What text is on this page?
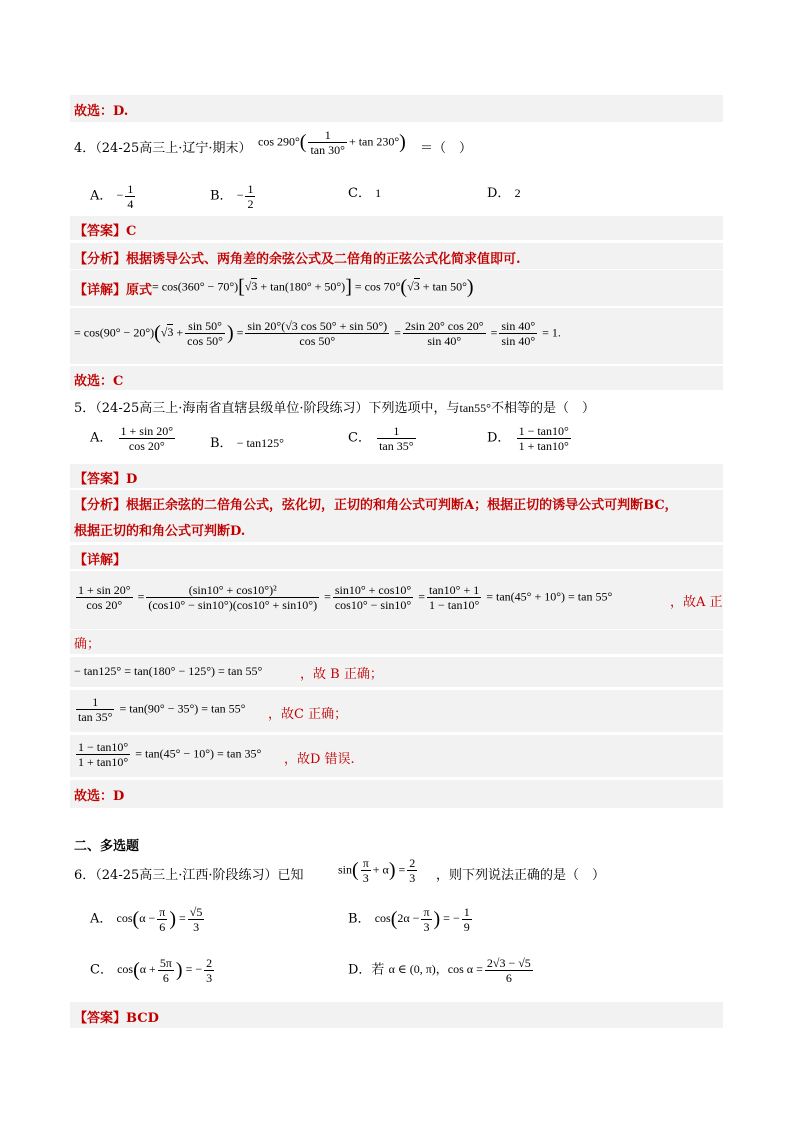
故选：D.
4．（24-25高三上·辽宁·期末） $\cos 290^\circ( \frac{1}{\tan 30^\circ} + \tan 230^\circ)$ ＝（　）
A． − $\frac{1}{4}$	B． − $\frac{1}{2}$	C． 1	D． 2
【答案】C
【分析】根据诱导公式、两角差的余弦公式及二倍角的正弦公式化简求值即可.
【详解】原式 = cos(360° − 70°)[√3 + tan(180° + 50°)] = cos 70°(√3 + tan 50°)
= $\cos(90^\circ - 20^\circ)(√3 + \frac{\sin 50^\circ}{\cos 50^\circ}$ ) = $\frac{\sin 20^\circ(√3 \cos 50^\circ + \sin 50^\circ)}{\cos 50^\circ} = \frac{2\sin 20^\circ \cos 20^\circ}{\sin 40^\circ} = \frac{\sin 40^\circ}{\sin 40^\circ} = 1$.
故选：C
5．（24-25高三上·海南省直辖县级单位·阶段练习）下列选项中，与tan55°不相等的是（　）
A． $\frac{1 + \sin 20^\circ}{\cos 20^\circ}$	B． − tan125°	C． $\frac{1}{\tan 35^\circ}$	D． $\frac{1 - \tan 10^\circ}{1 + \tan 10^\circ}$
【答案】D
【分析】根据正余弦的二倍角公式，弦化切，正切的和角公式可判断A；根据正切的诱导公式可判断BC，
根据正切的和角公式可判断D.
【详解】
$\frac{1 + \sin 20^\circ}{\cos 20^\circ} = \frac{\text{(sin10° + cos10°)²}}{(\cos 10^\circ - \sin 10^\circ)(\cos 10^\circ + \sin 10^\circ)} = \frac{\sin 10^\circ + \cos 10^\circ}{\cos 10^\circ - \sin 10^\circ} = \frac{\tan 10^\circ + 1}{1 - \tan 10^\circ} = \tan(45^\circ + 10^\circ) = \tan 55^\circ$	，故A 正
确；
− tan125° = tan(180° − 125°) = tan 55°	，故 B 正确；
$\frac{1}{\tan 35^\circ} = \tan(90^\circ - 35^\circ) = \tan 55^\circ$ ，故C 正确；
$\frac{1 - \tan 10^\circ}{1 + \tan 10^\circ} = \tan(45^\circ - 10^\circ) = \tan 35^\circ$ ，故D 错误.
故选：D
二、多选题
6．（24-25高三上·江西·阶段练习）已知	$\sin( \frac{\pi}{3} + \alpha) = \frac{2}{3}$ ，则下列说法正确的是（　）
A． $\cos(\alpha - \frac{\pi}{6}$ ) = $\frac{√5}{3}$	B． $\cos(2\alpha - \frac{\pi}{3}$ ) = − $\frac{1}{9}$
C． $\cos(\alpha + \frac{5\pi}{6}$ ) = − $\frac{2}{3}$	D．若 α ∈ (0, π)，$\cos \alpha = \frac{2√3 - √5}{6}$
【答案】BCD
